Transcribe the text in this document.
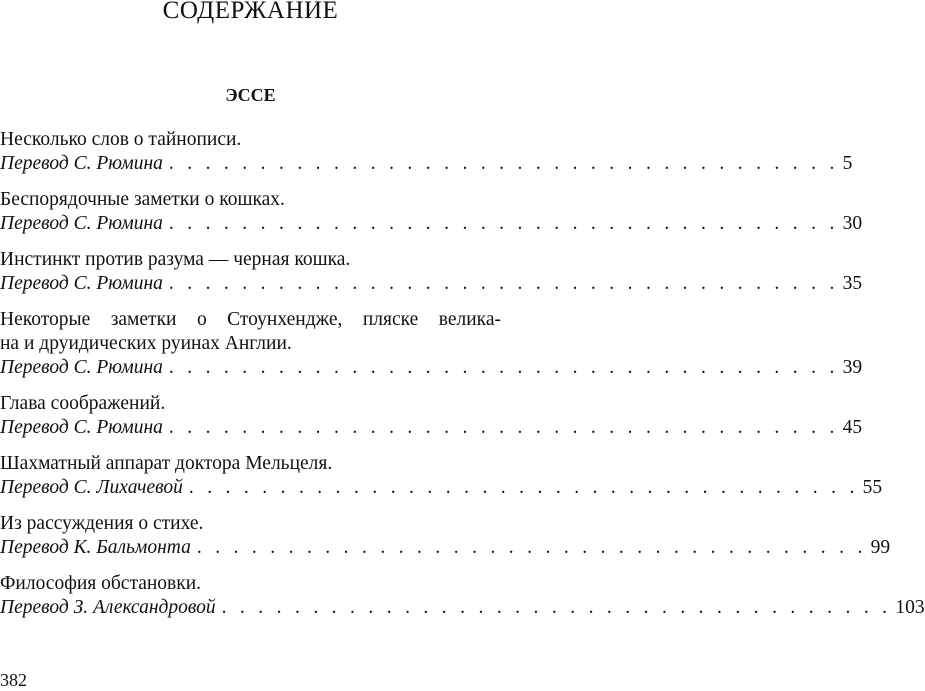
СОДЕРЖАНИЕ
ЭССЕ
Несколько слов о тайнописи.
Перевод С. Рюмина . . . . . . . . . . . . . . . . . . . . . . . . . . . . . . . . . . . . . 5
Беспорядочные заметки о кошках.
Перевод С. Рюмина . . . . . . . . . . . . . . . . . . . . . . . . . . . . . . . . . . . . . 30
Инстинкт против разума — черная кошка.
Перевод С. Рюмина . . . . . . . . . . . . . . . . . . . . . . . . . . . . . . . . . . . . . 35
Некоторые заметки о Стоунхендже, пляске велика-
на и друидических руинах Англии.
Перевод С. Рюмина . . . . . . . . . . . . . . . . . . . . . . . . . . . . . . . . . . . . . 39
Глава соображений.
Перевод С. Рюмина . . . . . . . . . . . . . . . . . . . . . . . . . . . . . . . . . . . . . 45
Шахматный аппарат доктора Мельцеля.
Перевод С. Лихачевой . . . . . . . . . . . . . . . . . . . . . . . . . . . . . . . . . . . . . 55
Из рассуждения о стихе.
Перевод К. Бальмонта . . . . . . . . . . . . . . . . . . . . . . . . . . . . . . . . . . . . . 99
Философия обстановки.
Перевод З. Александровой . . . . . . . . . . . . . . . . . . . . . . . . . . . . . . . . . . . . . 103
382
